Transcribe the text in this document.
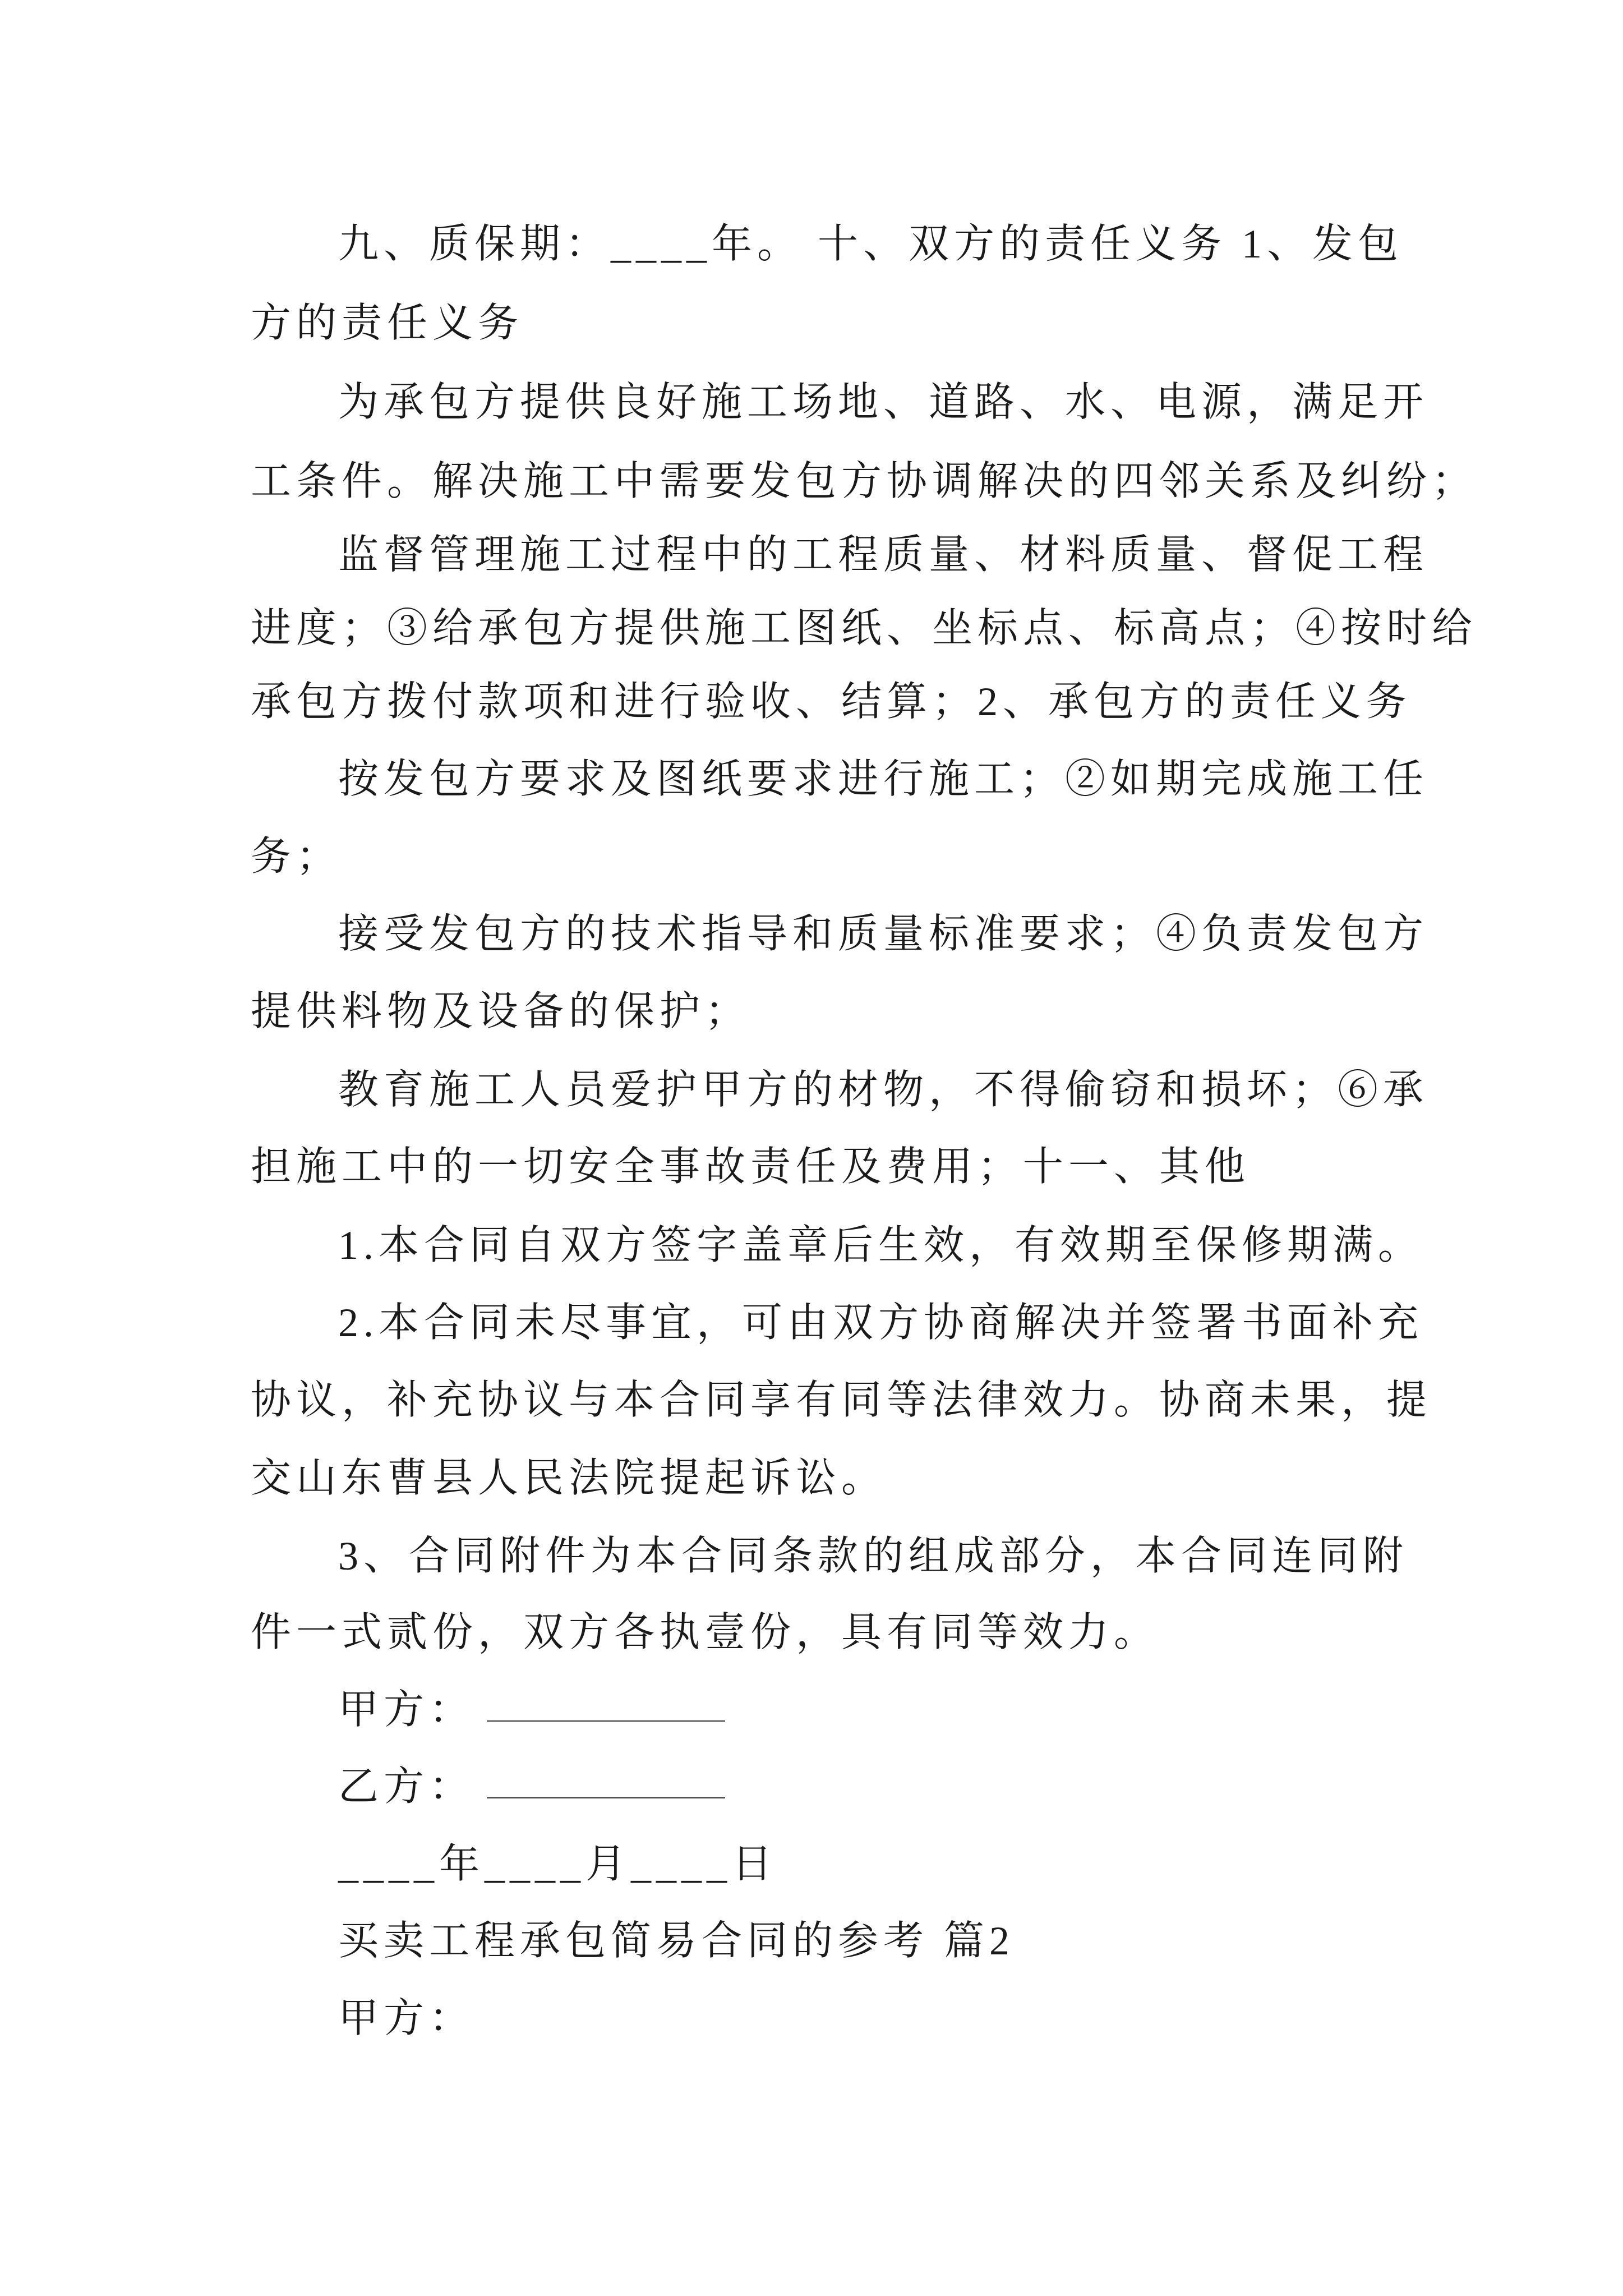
九、质保期：____年。 十、双方的责任义务 1、发包
方的责任义务
为承包方提供良好施工场地、道路、水、电源，满足开
工条件。解决施工中需要发包方协调解决的四邻关系及纠纷；
监督管理施工过程中的工程质量、材料质量、督促工程
进度；③给承包方提供施工图纸、坐标点、标高点；④按时给
承包方拨付款项和进行验收、结算；2、承包方的责任义务
按发包方要求及图纸要求进行施工；②如期完成施工任
务；
接受发包方的技术指导和质量标准要求；④负责发包方
提供料物及设备的保护；
教育施工人员爱护甲方的材物，不得偷窃和损坏；⑥承
担施工中的一切安全事故责任及费用；十一、其他
1.本合同自双方签字盖章后生效，有效期至保修期满。
2.本合同未尽事宜，可由双方协商解决并签署书面补充
协议，补充协议与本合同享有同等法律效力。协商未果，提
交山东曹县人民法院提起诉讼。
3、合同附件为本合同条款的组成部分，本合同连同附
件一式贰份，双方各执壹份，具有同等效力。
甲方：
乙方：
____年____月____日
买卖工程承包简易合同的参考 篇2
甲方：
